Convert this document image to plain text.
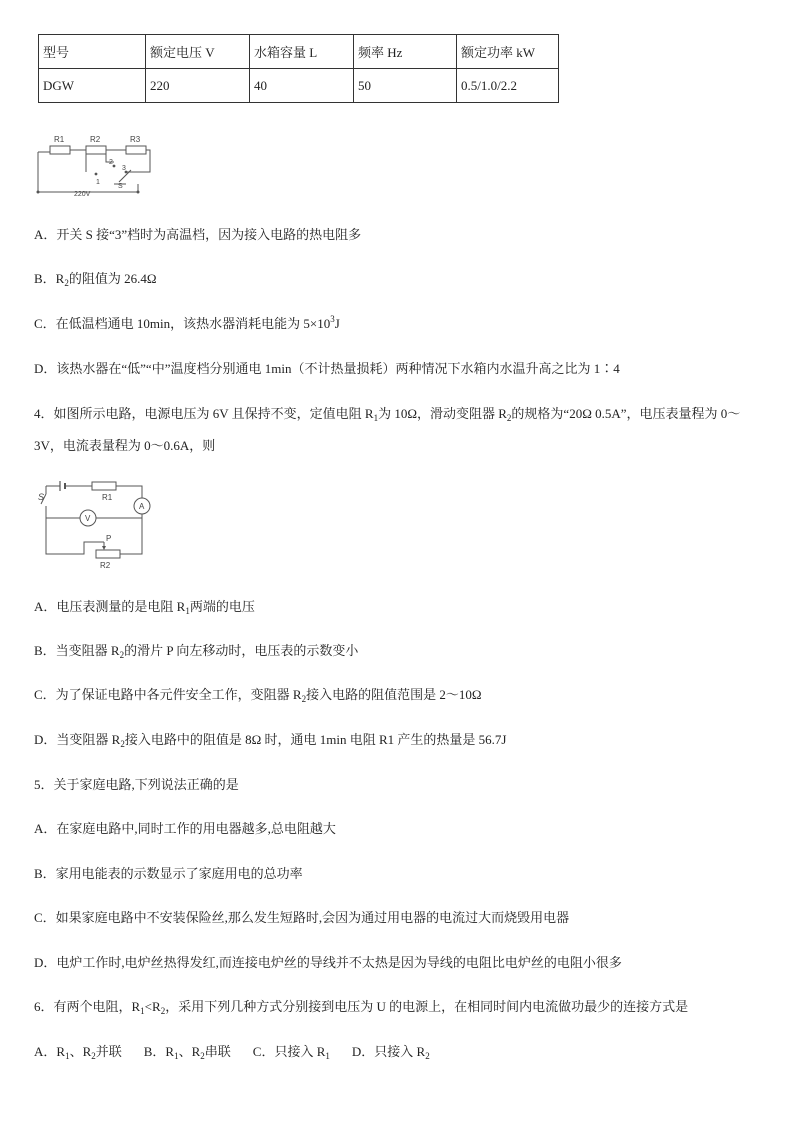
型号	额定电压 V	水箱容量 L	频率 Hz	额定功率 kW
DGW	220	40	50	0.5/1.0/2.2
R1	R2	R3
1
2
3
S
220V
A．开关 S 接“3”档时为高温档，因为接入电路的热电阻多
B．$R_2$的阻值为 26.4Ω
C．在低温档通电 10min，该热水器消耗电能为 $5\times 10^3J$
D．该热水器在“低”“中”温度档分别通电 1min（不计热量损耗）两种情况下水箱内水温升高之比为 1∶4
4．如图所示电路，电源电压为 6V 且保持不变，定值电阻 $R_1$为 10Ω，滑动变阻器 $R_2$的规格为“20Ω 0.5A”，电压表量程为 0～3V，电流表量程为 0～0.6A，则
S	R1
V
A
P
R2
A．电压表测量的是电阻 $R_1$两端的电压
B．当变阻器 $R_2$的滑片 P 向左移动时，电压表的示数变小
C．为了保证电路中各元件安全工作，变阻器 $R_2$接入电路的阻值范围是 2～10Ω
D．当变阻器 $R_2$接入电路中的阻值是 8Ω 时，通电 1min 电阻 R1 产生的热量是 56.7J
5．关于家庭电路,下列说法正确的是
A．在家庭电路中,同时工作的用电器越多,总电阻越大
B．家用电能表的示数显示了家庭用电的总功率
C．如果家庭电路中不安装保险丝,那么发生短路时,会因为通过用电器的电流过大而烧毁用电器
D．电炉工作时,电炉丝热得发红,而连接电炉丝的导线并不太热是因为导线的电阻比电炉丝的电阻小很多
6．有两个电阻，$R_1<R_2$，采用下列几种方式分别接到电压为 U 的电源上，在相同时间内电流做功最少的连接方式是
A．$R_1$、$R_2$并联 B．$R_1$、$R_2$串联 C．只接入 $R_1$ D．只接入 $R_2$
